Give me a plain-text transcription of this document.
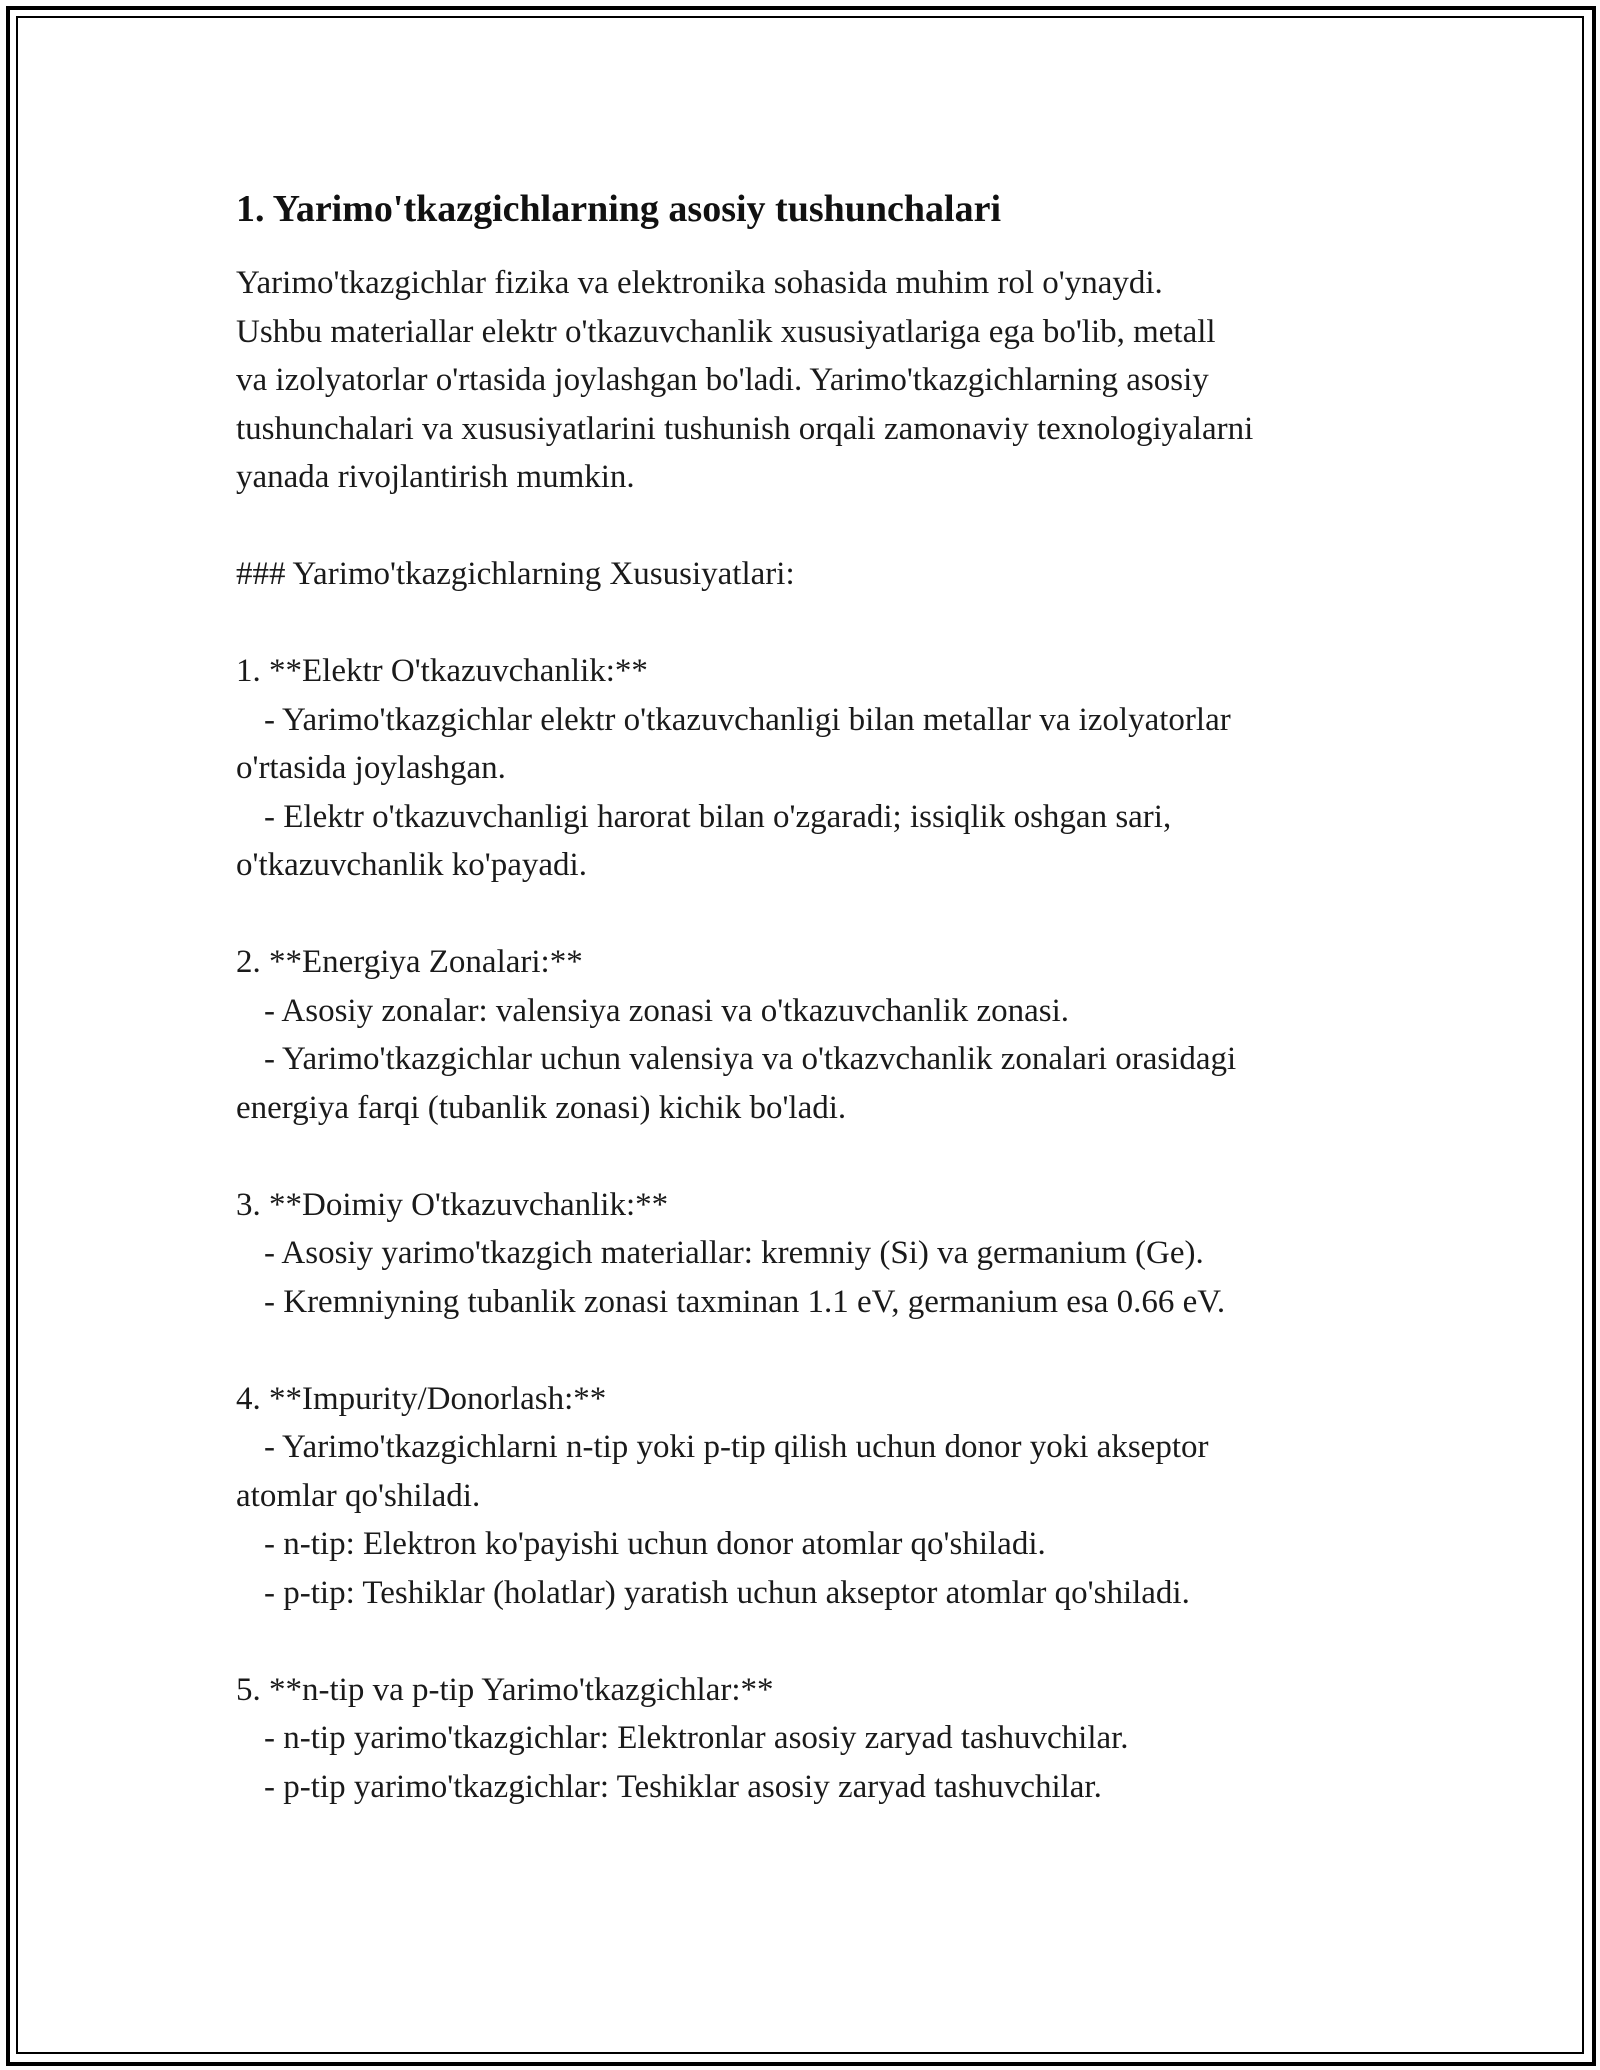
1. Yarimo'tkazgichlarning asosiy tushunchalari
Yarimo'tkazgichlar fizika va elektronika sohasida muhim rol o'ynaydi.
Ushbu materiallar elektr o'tkazuvchanlik xususiyatlariga ega bo'lib, metall
va izolyatorlar o'rtasida joylashgan bo'ladi. Yarimo'tkazgichlarning asosiy
tushunchalari va xususiyatlarini tushunish orqali zamonaviy texnologiyalarni
yanada rivojlantirish mumkin.
### Yarimo'tkazgichlarning Xususiyatlari:
1. **Elektr O'tkazuvchanlik:**
- Yarimo'tkazgichlar elektr o'tkazuvchanligi bilan metallar va izolyatorlar
o'rtasida joylashgan.
- Elektr o'tkazuvchanligi harorat bilan o'zgaradi; issiqlik oshgan sari,
o'tkazuvchanlik ko'payadi.
2. **Energiya Zonalari:**
- Asosiy zonalar: valensiya zonasi va o'tkazuvchanlik zonasi.
- Yarimo'tkazgichlar uchun valensiya va o'tkazvchanlik zonalari orasidagi
energiya farqi (tubanlik zonasi) kichik bo'ladi.
3. **Doimiy O'tkazuvchanlik:**
- Asosiy yarimo'tkazgich materiallar: kremniy (Si) va germanium (Ge).
- Kremniyning tubanlik zonasi taxminan 1.1 eV, germanium esa 0.66 eV.
4. **Impurity/Donorlash:**
- Yarimo'tkazgichlarni n-tip yoki p-tip qilish uchun donor yoki akseptor
atomlar qo'shiladi.
- n-tip: Elektron ko'payishi uchun donor atomlar qo'shiladi.
- p-tip: Teshiklar (holatlar) yaratish uchun akseptor atomlar qo'shiladi.
5. **n-tip va p-tip Yarimo'tkazgichlar:**
- n-tip yarimo'tkazgichlar: Elektronlar asosiy zaryad tashuvchilar.
- p-tip yarimo'tkazgichlar: Teshiklar asosiy zaryad tashuvchilar.
